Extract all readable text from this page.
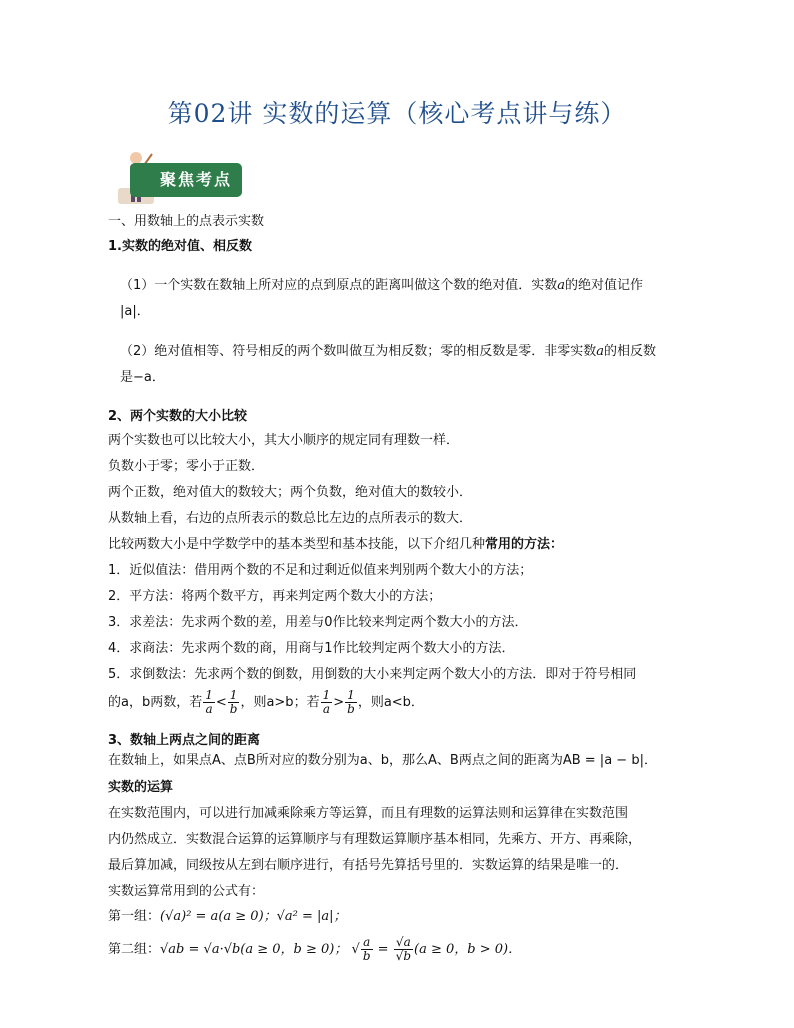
第02讲 实数的运算（核心考点讲与练）
聚焦考点
一、用数轴上的点表示实数
1.实数的绝对值、相反数
（1）一个实数在数轴上所对应的点到原点的距离叫做这个数的绝对值．实数a的绝对值记作
|a|．
（2）绝对值相等、符号相反的两个数叫做互为相反数；零的相反数是零．非零实数a的相反数
是−a．
2、两个实数的大小比较
两个实数也可以比较大小，其大小顺序的规定同有理数一样．
负数小于零；零小于正数．
两个正数，绝对值大的数较大；两个负数，绝对值大的数较小．
从数轴上看，右边的点所表示的数总比左边的点所表示的数大．
比较两数大小是中学数学中的基本类型和基本技能，以下介绍几种常用的方法：
1．近似值法：借用两个数的不足和过剩近似值来判别两个数大小的方法；
2．平方法：将两个数平方，再来判定两个数大小的方法；
3．求差法：先求两个数的差，用差与0作比较来判定两个数大小的方法．
4．求商法：先求两个数的商，用商与1作比较判定两个数大小的方法．
5．求倒数法：先求两个数的倒数，用倒数的大小来判定两个数大小的方法．即对于符号相同
的a，b两数，若 $\frac{1}{a} < \frac{1}{b}$ ，则a>b；若 $\frac{1}{a} > \frac{1}{b}$ ，则a<b．
3、数轴上两点之间的距离
在数轴上，如果点A、点B所对应的数分别为a、b，那么A、B两点之间的距离为AB = |a − b|．
实数的运算
在实数范围内，可以进行加减乘除乘方等运算，而且有理数的运算法则和运算律在实数范围
内仍然成立．实数混合运算的运算顺序与有理数运算顺序基本相同，先乘方、开方、再乘除，
最后算加减，同级按从左到右顺序进行，有括号先算括号里的．实数运算的结果是唯一的．
实数运算常用到的公式有：
第一组：(√a)² = a(a ≥ 0)；√a² = |a|；
第二组：√ab = √a·√b(a ≥ 0，b ≥ 0)； √ $\frac{a}{b} = \frac{√a}{√b} (a \ge 0$，b > 0)．
